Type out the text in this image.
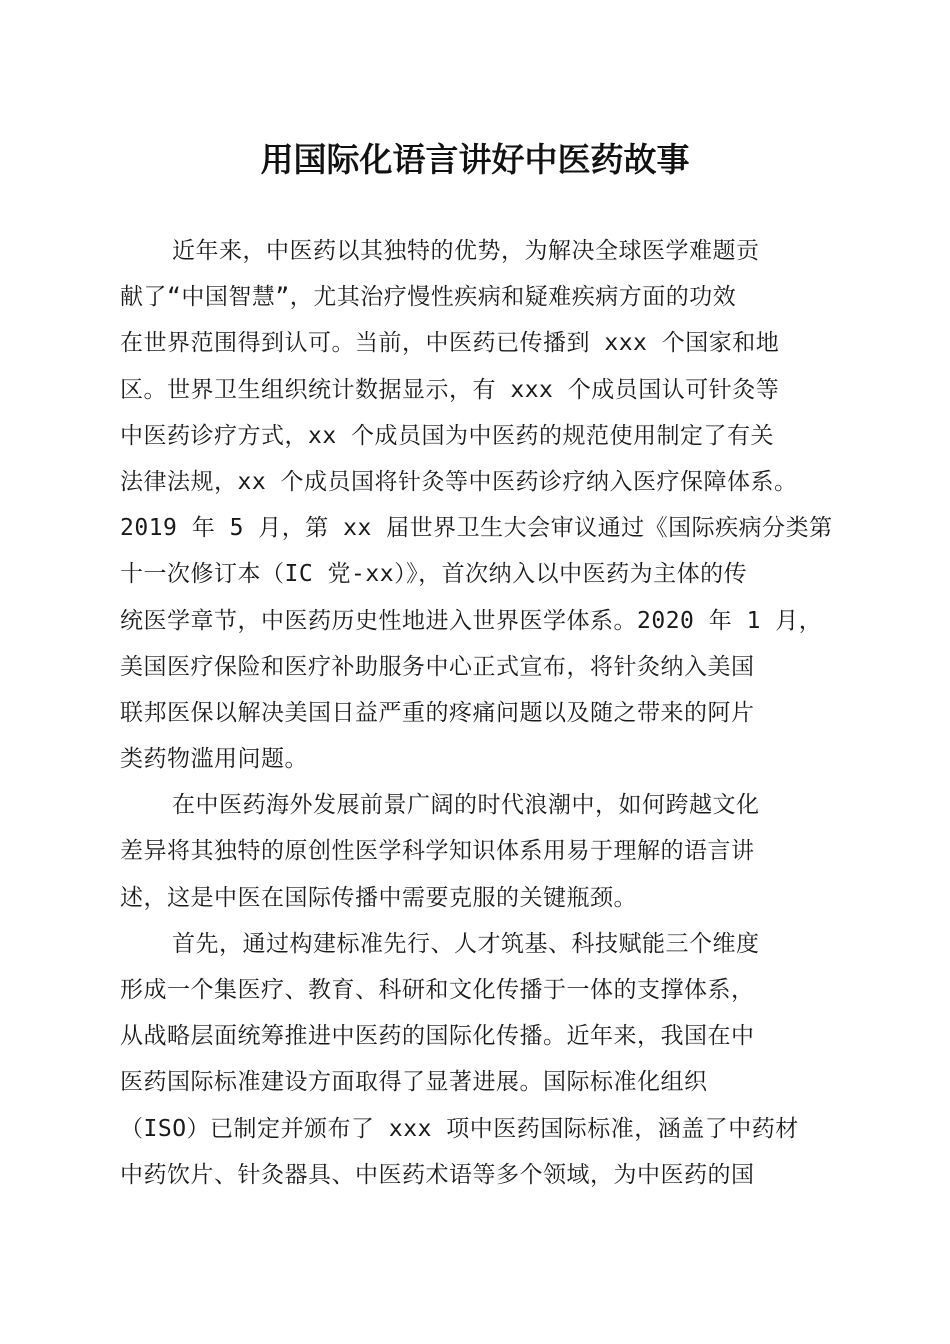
用国际化语言讲好中医药故事
近年来，中医药以其独特的优势，为解决全球医学难题贡
献了“中国智慧”，尤其治疗慢性疾病和疑难疾病方面的功效
在世界范围得到认可。当前，中医药已传播到 xxx 个国家和地
区。世界卫生组织统计数据显示，有 xxx 个成员国认可针灸等
中医药诊疗方式，xx 个成员国为中医药的规范使用制定了有关
法律法规，xx 个成员国将针灸等中医药诊疗纳入医疗保障体系。
2019 年 5 月，第 xx 届世界卫生大会审议通过《国际疾病分类第
十一次修订本（IC 党-xx）》，首次纳入以中医药为主体的传
统医学章节，中医药历史性地进入世界医学体系。2020 年 1 月，
美国医疗保险和医疗补助服务中心正式宣布，将针灸纳入美国
联邦医保以解决美国日益严重的疼痛问题以及随之带来的阿片
类药物滥用问题。
在中医药海外发展前景广阔的时代浪潮中，如何跨越文化
差异将其独特的原创性医学科学知识体系用易于理解的语言讲
述，这是中医在国际传播中需要克服的关键瓶颈。
首先，通过构建标准先行、人才筑基、科技赋能三个维度
形成一个集医疗、教育、科研和文化传播于一体的支撑体系，
从战略层面统筹推进中医药的国际化传播。近年来，我国在中
医药国际标准建设方面取得了显著进展。国际标准化组织
（ISO）已制定并颁布了 xxx 项中医药国际标准，涵盖了中药材
中药饮片、针灸器具、中医药术语等多个领域，为中医药的国
